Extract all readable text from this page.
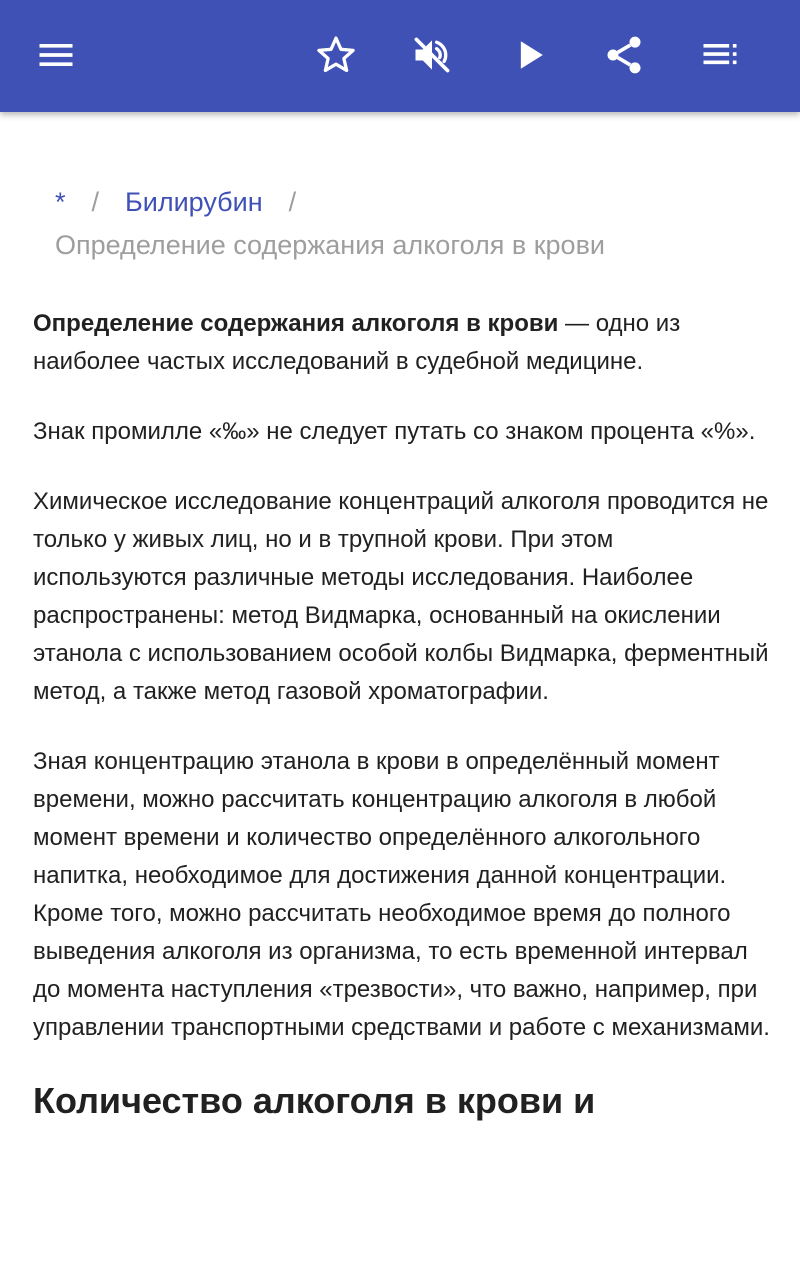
* / Билирубин /
Определение содержания алкоголя в крови

Определение содержания алкоголя в крови — одно из наиболее частых исследований в судебной медицине.

Знак промилле «‰» не следует путать со знаком процента «%».

Химическое исследование концентраций алкоголя проводится не только у живых лиц, но и в трупной крови. При этом используются различные методы исследования. Наиболее распространены: метод Видмарка, основанный на окислении этанола с использованием особой колбы Видмарка, ферментный метод, а также метод газовой хроматографии.

Зная концентрацию этанола в крови в определённый момент времени, можно рассчитать концентрацию алкоголя в любой момент времени и количество определённого алкогольного напитка, необходимое для достижения данной концентрации. Кроме того, можно рассчитать необходимое время до полного выведения алкоголя из организма, то есть временной интервал до момента наступления «трезвости», что важно, например, при управлении транспортными средствами и работе с механизмами.

Количество алкоголя в крови и
